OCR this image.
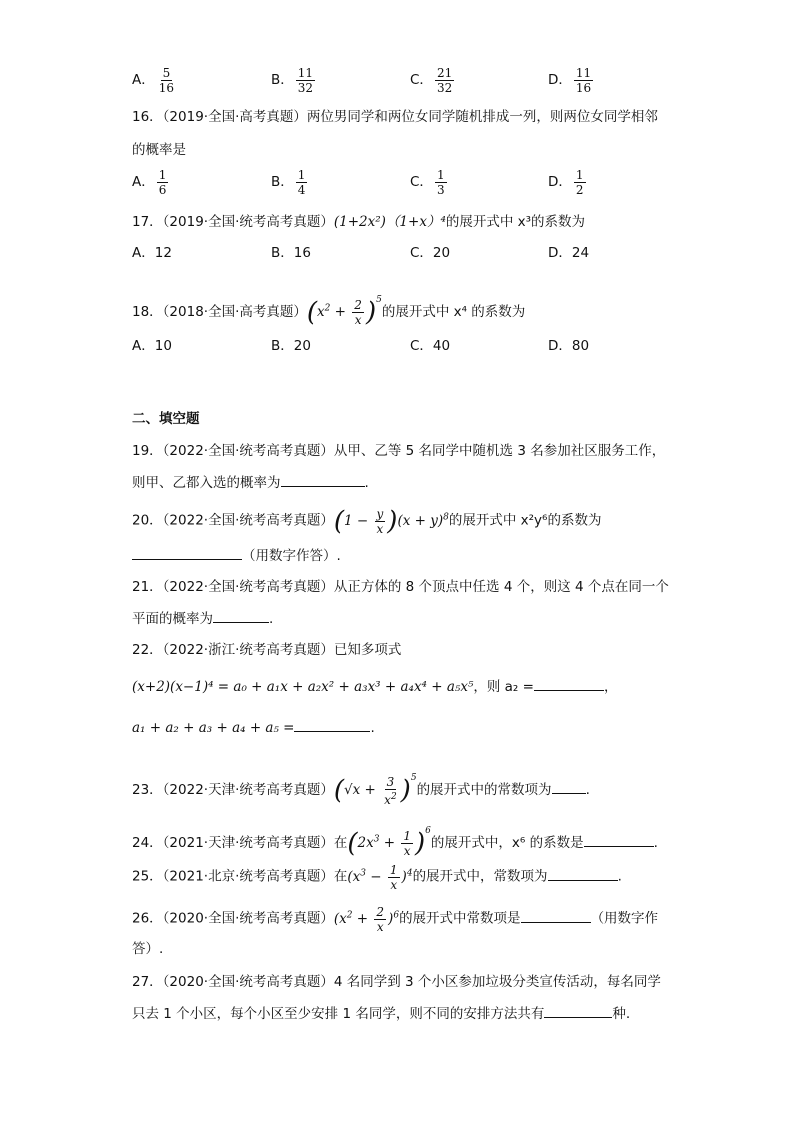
A． $\frac{5}{16}$	B． $\frac{11}{32}$	C． $\frac{21}{32}$	D． $\frac{11}{16}$
16．（2019·全国·高考真题）两位男同学和两位女同学随机排成一列，则两位女同学相邻
的概率是
A． $\frac{1}{6}$	B． $\frac{1}{4}$	C． $\frac{1}{3}$	D． $\frac{1}{2}$
17．（2019·全国·统考高考真题）(1+2x²)（1+x）⁴的展开式中 x³的系数为
A．12	B．16	C．20	D．24
18．（2018·全国·高考真题）$(x^2 + \frac{2}{x} )^5$的展开式中 x⁴ 的系数为
A．10	B．20	C．40	D．80
二、填空题
19．（2022·全国·统考高考真题）从甲、乙等 5 名同学中随机选 3 名参加社区服务工作，
则甲、乙都入选的概率为	.
20．（2022·全国·统考高考真题）$(1 - \frac{y}{x} )(x + y)^8$的展开式中 x²y⁶的系数为
（用数字作答）.
21．（2022·全国·统考高考真题）从正方体的 8 个顶点中任选 4 个，则这 4 个点在同一个
平面的概率为	.
22．（2022·浙江·统考高考真题）已知多项式
(x+2)(x−1)⁴ = a₀ + a₁x + a₂x² + a₃x³ + a₄x⁴ + a₅x⁵，则 a₂ =	，
a₁ + a₂ + a₃ + a₄ + a₅ =	.
23．（2022·天津·统考高考真题）$(√x + \frac{3}{x^2} )^5$的展开式中的常数项为	.
24．（2021·天津·统考高考真题）在$(2x^3 + \frac{1}{x} )^6$的展开式中，x⁶ 的系数是	.
25．（2021·北京·统考高考真题）在$(x^3 - \frac{1}{x} )^4$的展开式中，常数项为	.
26．（2020·全国·统考高考真题）$(x^2 + \frac{2}{x} )^6$的展开式中常数项是	（用数字作
答）.
27．（2020·全国·统考高考真题）4 名同学到 3 个小区参加垃圾分类宣传活动，每名同学
只去 1 个小区，每个小区至少安排 1 名同学，则不同的安排方法共有	种.
